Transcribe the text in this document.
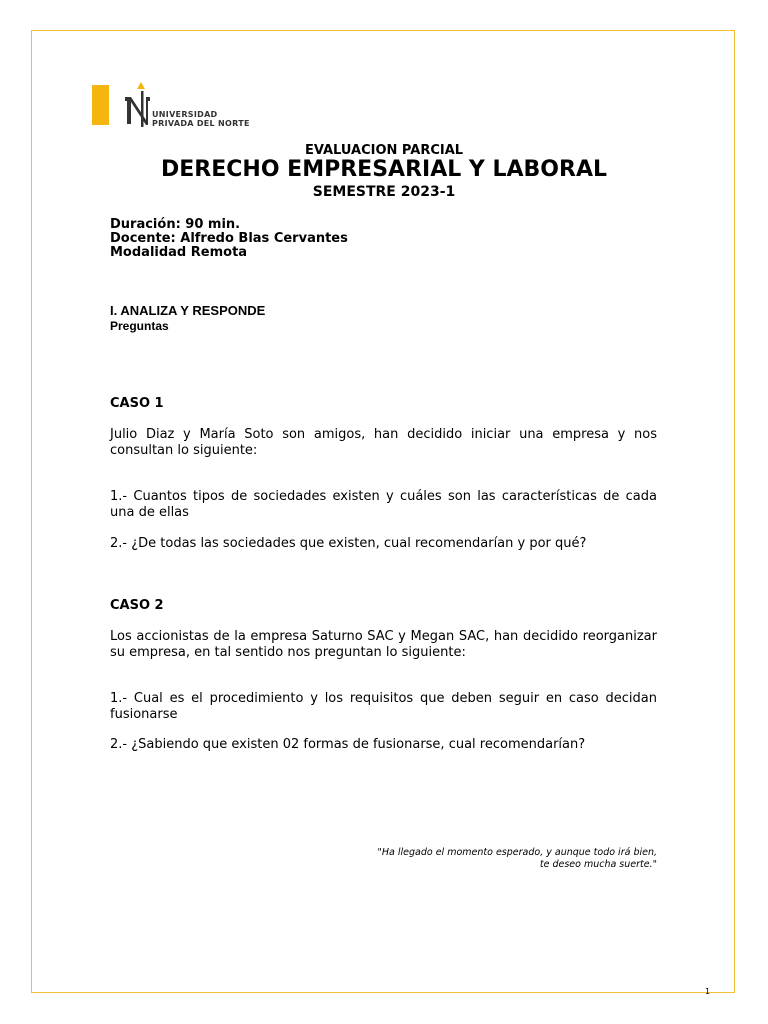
UNIVERSIDAD
PRIVADA DEL NORTE
EVALUACION PARCIAL
DERECHO EMPRESARIAL Y LABORAL
SEMESTRE 2023-1
Duración: 90 min.
Docente: Alfredo Blas Cervantes
Modalidad Remota
I. ANALIZA Y RESPONDE
Preguntas
CASO 1
Julio Diaz y María Soto son amigos, han decidido iniciar una empresa y nos consultan lo siguiente:
1.- Cuantos tipos de sociedades existen y cuáles son las características de cada una de ellas
2.- ¿De todas las sociedades que existen, cual recomendarían y por qué?
CASO 2
Los accionistas de la empresa Saturno SAC y Megan SAC, han decidido reorganizar su empresa, en tal sentido nos preguntan lo siguiente:
1.- Cual es el procedimiento y los requisitos que deben seguir en caso decidan fusionarse
2.- ¿Sabiendo que existen 02 formas de fusionarse, cual recomendarían?
"Ha llegado el momento esperado, y aunque todo irá bien,
te deseo mucha suerte."
1
